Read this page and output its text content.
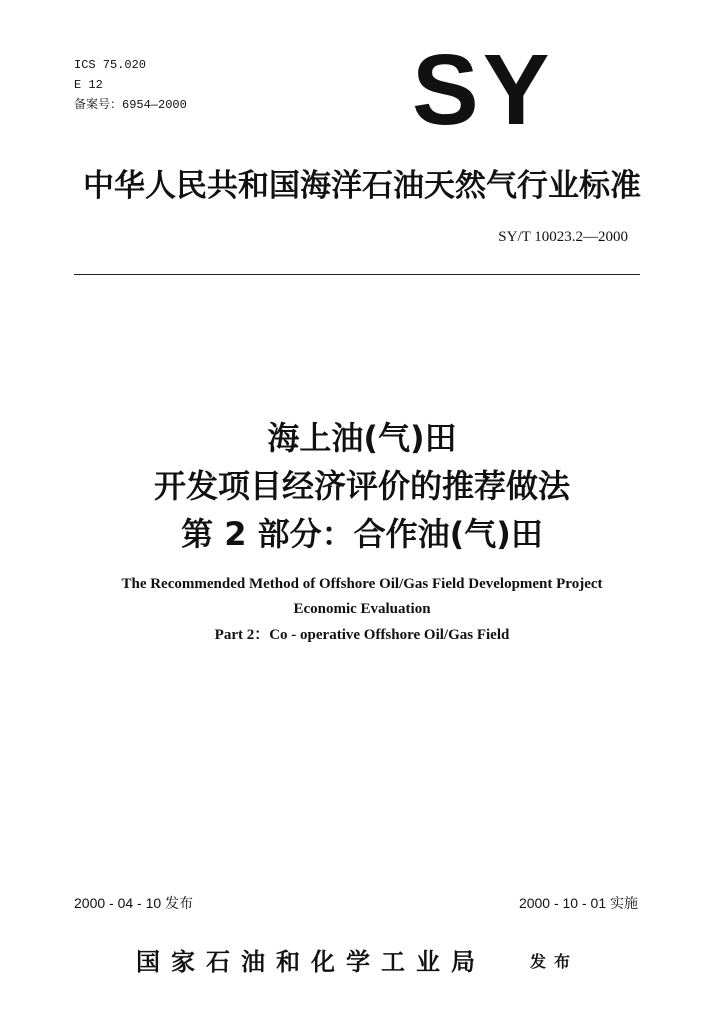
ICS 75.020
E 12
备案号：6954—2000 SY
中华人民共和国海洋石油天然气行业标准
SY/T 10023.2—2000
海上油(气)田
开发项目经济评价的推荐做法
第 2 部分：合作油(气)田
The Recommended Method of Offshore Oil/Gas Field Development Project
Economic Evaluation
Part 2：Co - operative Offshore Oil/Gas Field
2000 - 04 - 10 发布	2000 - 10 - 01 实施
国家石油和化学工业局	发布
